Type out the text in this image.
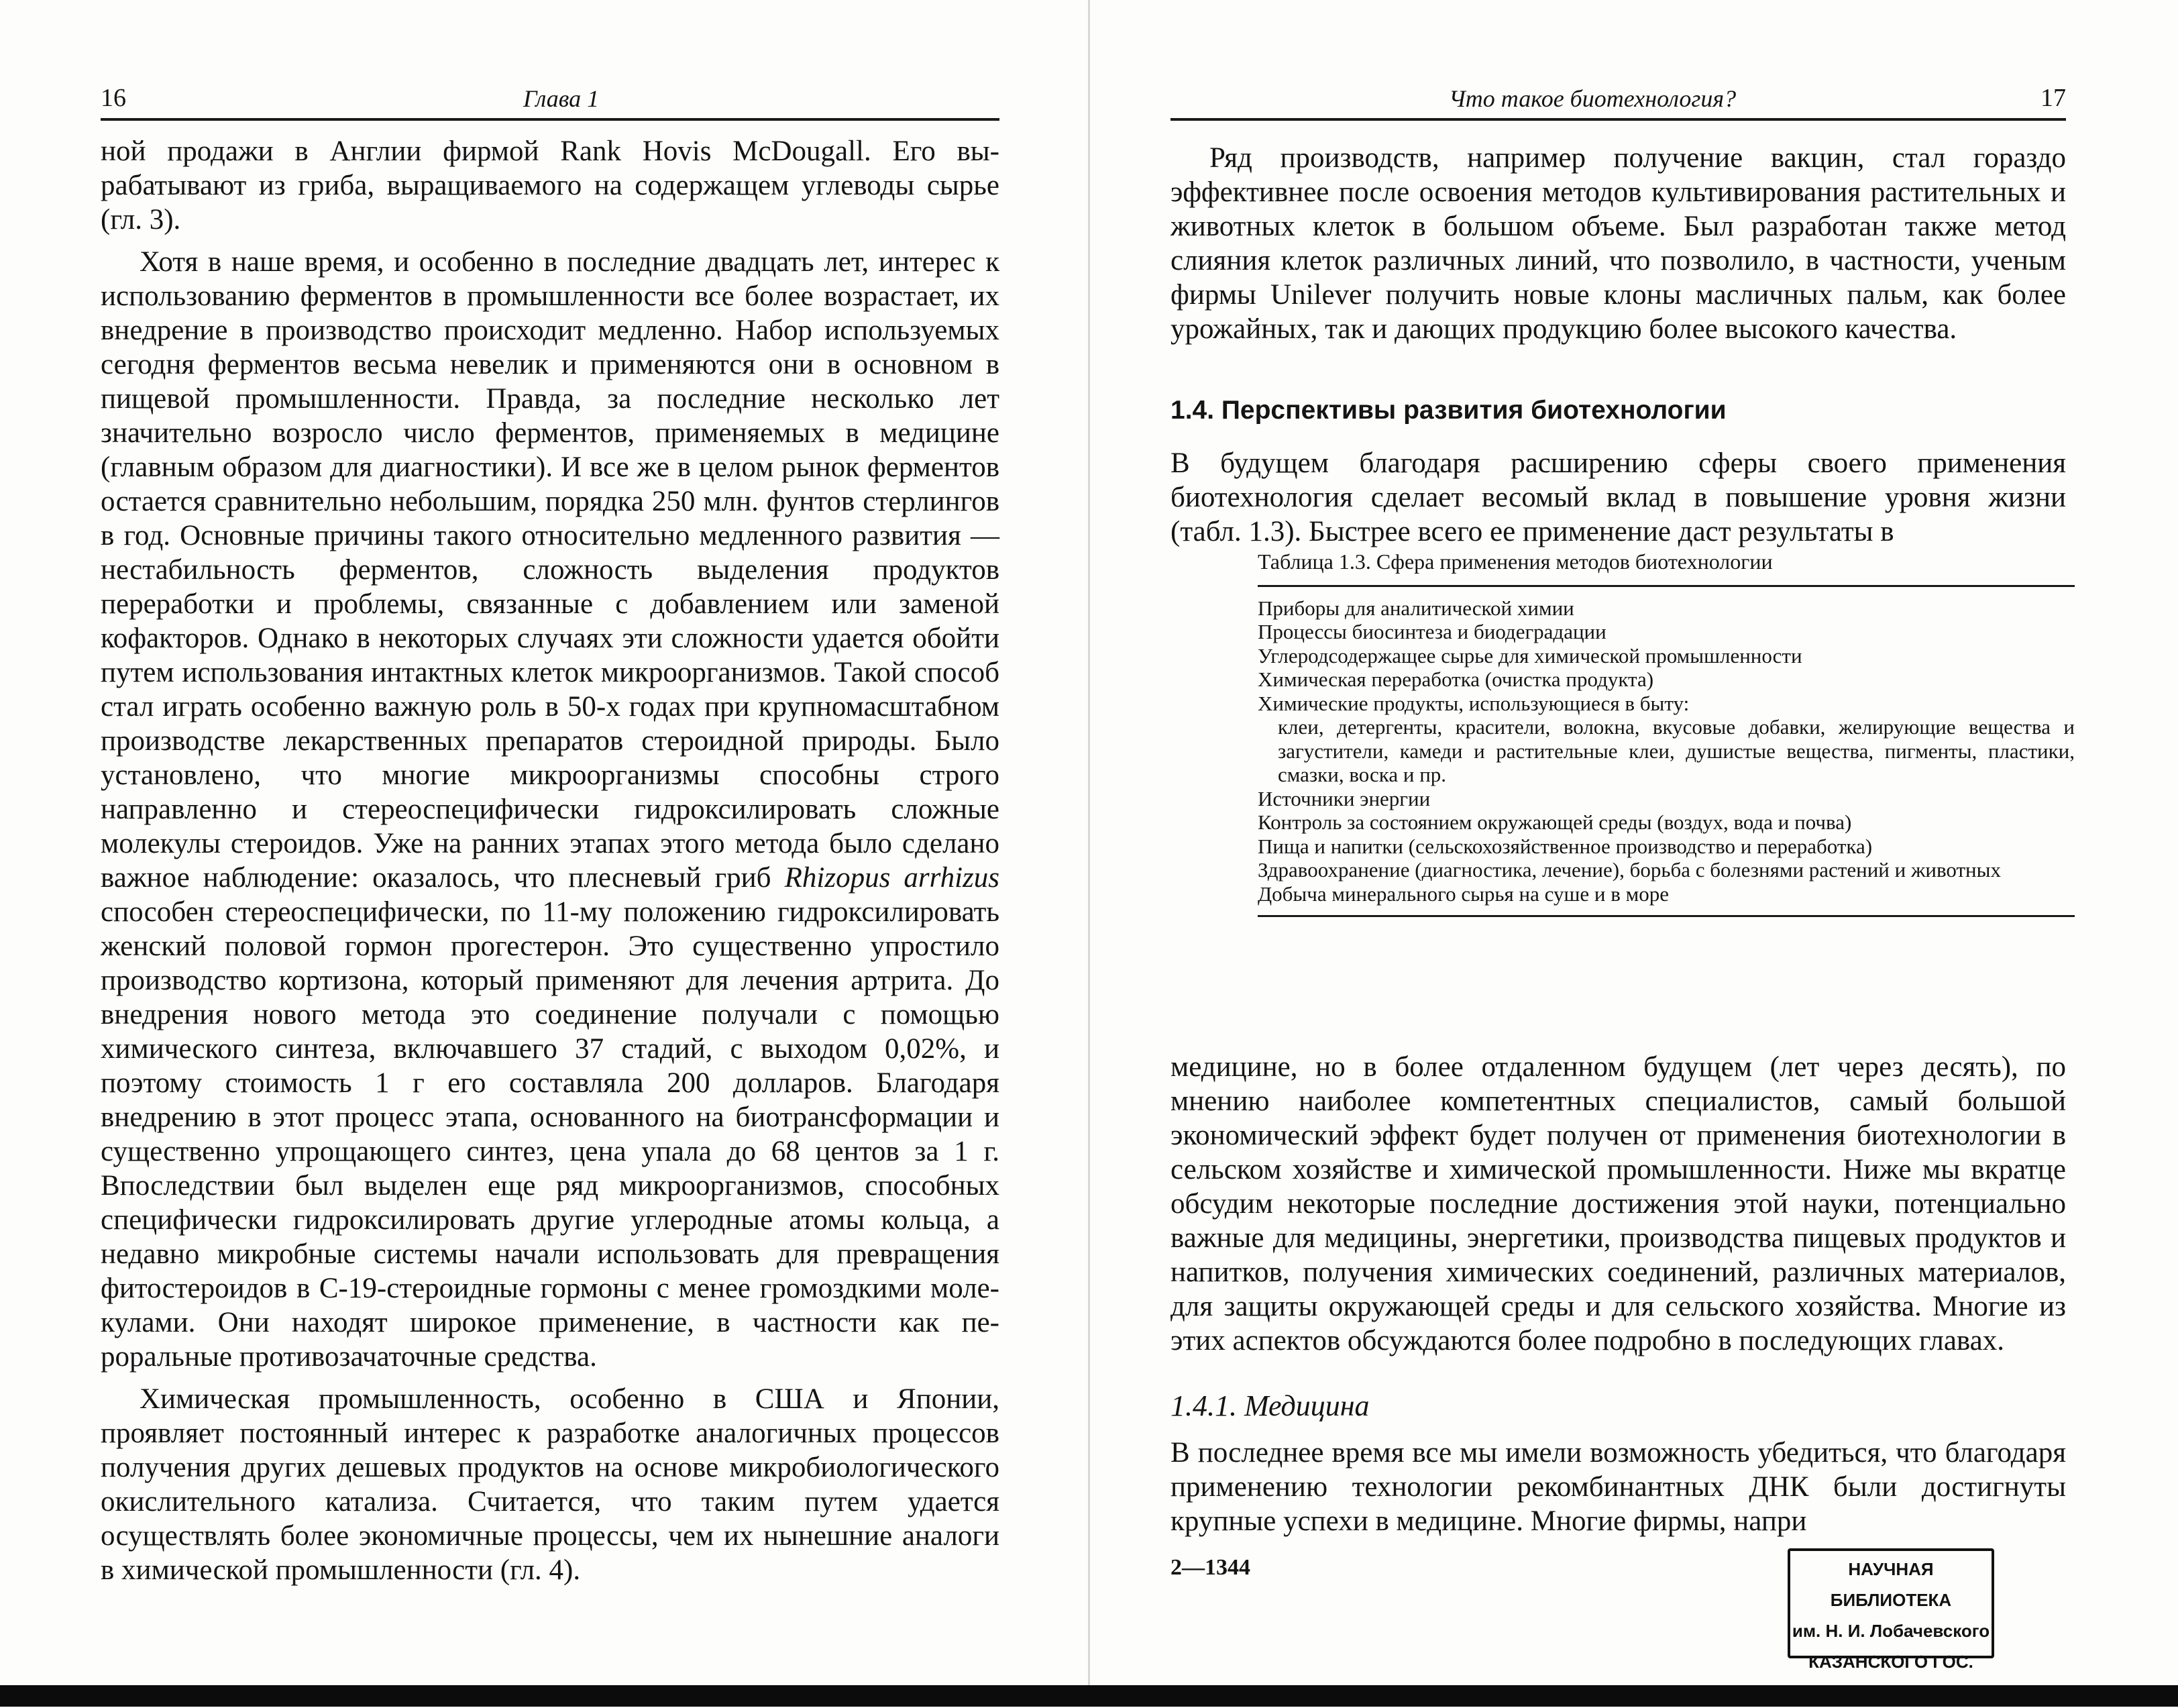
16	Глава 1

ной продажи в Англии фирмой Rank Hovis McDougall. Его вырабатывают из гриба, выращиваемого на содержащем углеводы сырье (гл. 3).

Хотя в наше время, и особенно в последние двадцать лет, интерес к использованию ферментов в промышленности все более возрастает, их внедрение в производство происходит медленно. Набор используемых сегодня ферментов весьма невелик и применяются они в основном в пищевой промышленности. Правда, за последние несколько лет значительно возросло число ферментов, применяемых в медицине (главным образом для диагностики). И все же в целом рынок ферментов остается сравнительно небольшим, порядка 250 млн. фунтов стерлингов в год. Основные причины такого относительно медленного развития — нестабильность ферментов, сложность выделения продуктов переработки и проблемы, связанные с добавлением или заменой кофакторов. Однако в некоторых случаях эти сложности удается обойти путем использования интактных клеток микроорганизмов. Такой способ стал играть особенно важную роль в 50-х годах при крупномасштабном производстве лекарственных препаратов стероидной природы. Было установлено, что многие микроорганизмы способны строго направленно и стереоспецифически гидроксилировать сложные молекулы стероидов. Уже на ранних этапах этого метода было сделано важное наблюдение: оказалось, что плесневый гриб Rhizopus arrhizus способен стереоспецифически, по 11-му положению гидроксилировать женский половой гормон прогестерон. Это существенно упростило производство кортизона, который применяют для лечения артрита. До внедрения нового метода это соединение получали с помощью химического синтеза, включавшего 37 стадий, с выходом 0,02%, и поэтому стоимость 1 г его составляла 200 долларов. Благодаря внедрению в этот процесс этапа, основанного на биотрансформации и существенно упрощающего синтез, цена упала до 68 центов за 1 г. Впоследствии был выделен еще ряд микроорганизмов, способных специфически гидроксилировать другие углеродные атомы кольца, а недавно микробные системы начали использовать для превращения фитостероидов в С-19-стероидные гормоны с менее громоздкими молекулами. Они находят широкое применение, в частности как пероральные противозачаточные средства.

Химическая промышленность, особенно в США и Японии, проявляет постоянный интерес к разработке аналогичных процессов получения других дешевых продуктов на основе микробиологического окислительного катализа. Считается, что таким путем удается осуществлять более экономичные процессы, чем их нынешние аналоги в химической промышленности (гл. 4).

Что такое биотехнология?	17

Ряд производств, например получение вакцин, стал гораздо эффективнее после освоения методов культивирования растительных и животных клеток в большом объеме. Был разработан также метод слияния клеток различных линий, что позволило, в частности, ученым фирмы Unilever получить новые клоны масличных пальм, как более урожайных, так и дающих продукцию более высокого качества.

1.4. Перспективы развития биотехнологии

В будущем благодаря расширению сферы своего применения биотехнология сделает весомый вклад в повышение уровня жизни (табл. 1.3). Быстрее всего ее применение даст результаты в

Таблица 1.3. Сфера применения методов биотехнологии
Приборы для аналитической химии
Процессы биосинтеза и биодеградации
Углеродсодержащее сырье для химической промышленности
Химическая переработка (очистка продукта)
Химические продукты, использующиеся в быту:
клеи, детергенты, красители, волокна, вкусовые добавки, желирующие вещества и загустители, камеди и растительные клеи, душистые вещества, пигменты, пластики, смазки, воска и пр.
Источники энергии
Контроль за состоянием окружающей среды (воздух, вода и почва)
Пища и напитки (сельскохозяйственное производство и переработка)
Здравоохранение (диагностика, лечение), борьба с болезнями растений и животных
Добыча минерального сырья на суше и в море

медицине, но в более отдаленном будущем (лет через десять), по мнению наиболее компетентных специалистов, самый большой экономический эффект будет получен от применения биотехнологии в сельском хозяйстве и химической промышленности. Ниже мы вкратце обсудим некоторые последние достижения этой науки, потенциально важные для медицины, энергетики, производства пищевых продуктов и напитков, получения химических соединений, различных материалов, для защиты окружающей среды и для сельского хозяйства. Многие из этих аспектов обсуждаются более подробно в последующих главах.

1.4.1. Медицина

В последнее время все мы имели возможность убедиться, что благодаря применению технологии рекомбинантных ДНК были достигнуты крупные успехи в медицине. Многие фирмы, напри

2—1344	НАУЧНАЯ БИБЛИОТЕКА
им. Н. И. Лобачевского
КАЗАНСКОГО ГОС.
